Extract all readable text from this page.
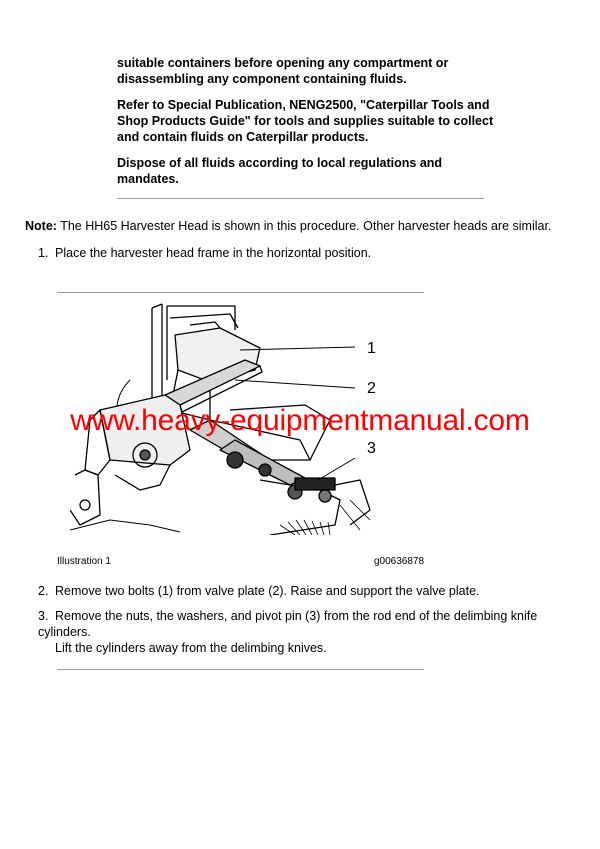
suitable containers before opening any compartment or disassembling any component containing fluids.

Refer to Special Publication, NENG2500, "Caterpillar Tools and Shop Products Guide" for tools and supplies suitable to collect and contain fluids on Caterpillar products.

Dispose of all fluids according to local regulations and mandates.

Note: The HH65 Harvester Head is shown in this procedure. Other harvester heads are similar.
1. Place the harvester head frame in the horizontal position.
1
2
3
Illustration 1	g00636878
2. Remove two bolts (1) from valve plate (2). Raise and support the valve plate.
3. Remove the nuts, the washers, and pivot pin (3) from the rod end of the delimbing knife cylinders.
Lift the cylinders away from the delimbing knives.
www.heavy-equipmentmanual.com
